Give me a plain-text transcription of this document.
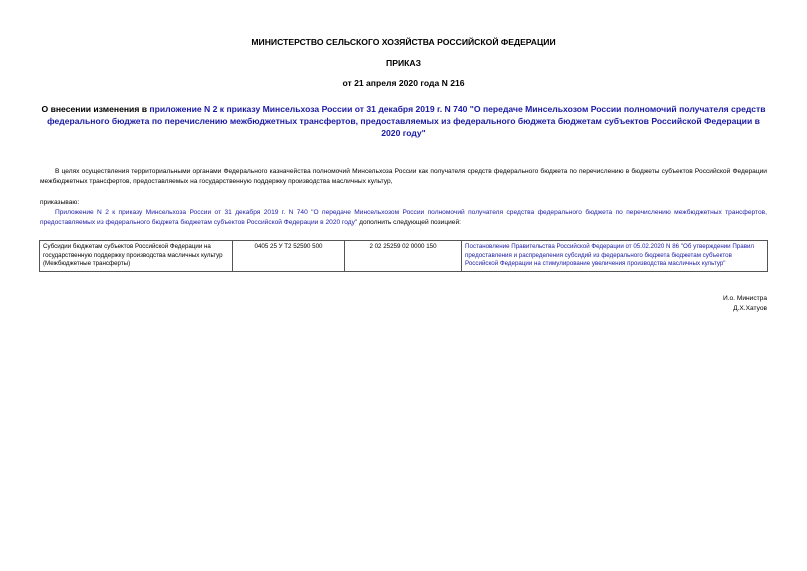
МИНИСТЕРСТВО СЕЛЬСКОГО ХОЗЯЙСТВА РОССИЙСКОЙ ФЕДЕРАЦИИ
ПРИКАЗ
от 21 апреля 2020 года N 216
О внесении изменения в приложение N 2 к приказу Минсельхоза России от 31 декабря 2019 г. N 740 "О передаче Минсельхозом России полномочий получателя средств федерального бюджета по перечислению межбюджетных трансфертов, предоставляемых из федерального бюджета бюджетам субъектов Российской Федерации в 2020 году"
В целях осуществления территориальными органами Федерального казначейства полномочий Минсельхоза России как получателя средств федерального бюджета по перечислению в бюджеты субъектов Российской Федерации межбюджетных трансфертов, предоставляемых на государственную поддержку производства масличных культур,
приказываю:
Приложение N 2 к приказу Минсельхоза России от 31 декабря 2019 г. N 740 "О передаче Минсельхозом России полномочий получателя средства федерального бюджета по перечислению межбюджетных трансфертов, предоставляемых из федерального бюджета бюджетам субъектов Российской Федерации в 2020 году" дополнить следующей позицией:
Субсидии бюджетам субъектов Российской Федерации на государственную поддержку производства масличных культур (Межбюджетные трансферты)	0405 25 У Т2 52590 500	2 02 25259 02 0000 150	Постановление Правительства Российской Федерации от 05.02.2020 N 86 "Об утверждении Правил предоставления и распределения субсидий из федерального бюджета бюджетам субъектов Российской Федерации на стимулирование увеличения производства масличных культур"
И.о. Министра
Д.Х.Хатуов
